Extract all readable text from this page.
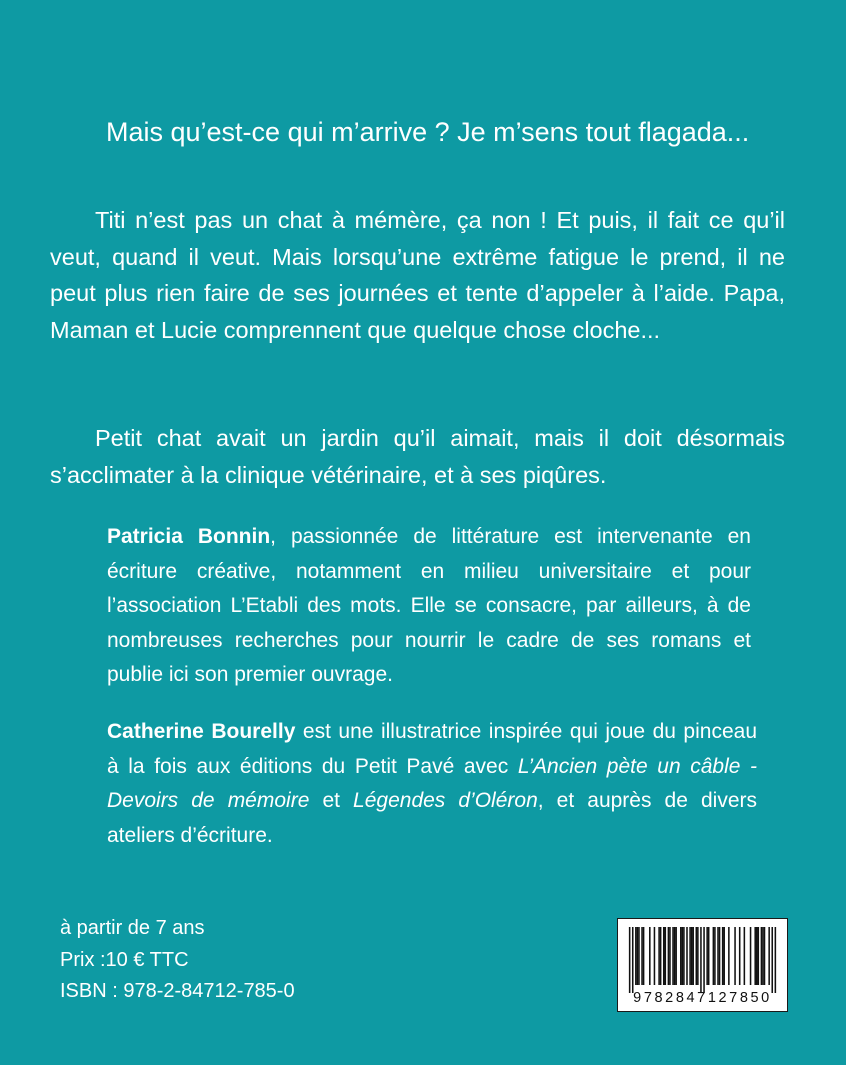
Mais qu’est-ce qui m’arrive ? Je m’sens tout flagada...

Titi n’est pas un chat à mémère, ça non ! Et puis, il fait ce qu’il veut, quand il veut. Mais lorsqu’une extrême fatigue le prend, il ne peut plus rien faire de ses journées et tente d’appeler à l’aide. Papa, Maman et Lucie comprennent que quelque chose cloche...

Petit chat avait un jardin qu’il aimait, mais il doit désormais s’acclimater à la clinique vétérinaire, et à ses piqûres.

Patricia Bonnin, passionnée de littérature est intervenante en écriture créative, notamment en milieu universitaire et pour l’association L’Etabli des mots. Elle se consacre, par ailleurs, à de nombreuses recherches pour nourrir le cadre de ses romans et publie ici son premier ouvrage.

Catherine Bourelly est une illustratrice inspirée qui joue du pinceau à la fois aux éditions du Petit Pavé avec L’Ancien pète un câble - Devoirs de mémoire et Légendes d’Oléron, et auprès de divers ateliers d’écriture.

à partir de 7 ans
Prix :10 € TTC
ISBN : 978-2-84712-785-0	9782847127850
